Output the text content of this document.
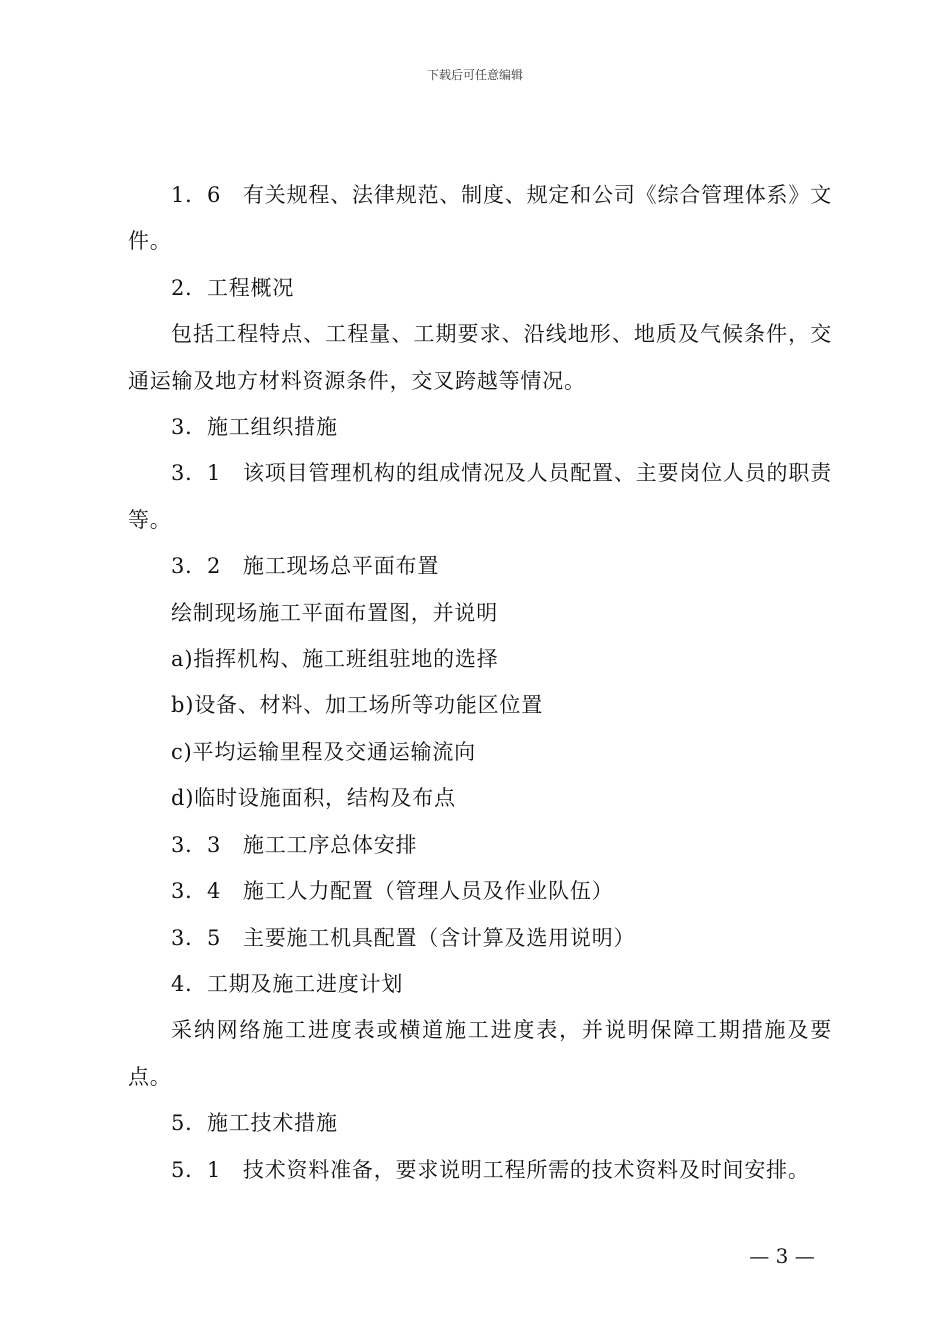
下载后可任意编辑

1．6　有关规程、法律规范、制度、规定和公司《综合管理体系》文件。

2．工程概况

包括工程特点、工程量、工期要求、沿线地形、地质及气候条件，交通运输及地方材料资源条件，交叉跨越等情况。

3．施工组织措施

3．1　该项目管理机构的组成情况及人员配置、主要岗位人员的职责等。

3．2　施工现场总平面布置

绘制现场施工平面布置图，并说明

a)指挥机构、施工班组驻地的选择

b)设备、材料、加工场所等功能区位置

c)平均运输里程及交通运输流向

d)临时设施面积，结构及布点

3．3　施工工序总体安排

3．4　施工人力配置（管理人员及作业队伍）

3．5　主要施工机具配置（含计算及选用说明）

4．工期及施工进度计划

采纳网络施工进度表或横道施工进度表，并说明保障工期措施及要点。

5．施工技术措施

5．1　技术资料准备，要求说明工程所需的技术资料及时间安排。

— 3 —
